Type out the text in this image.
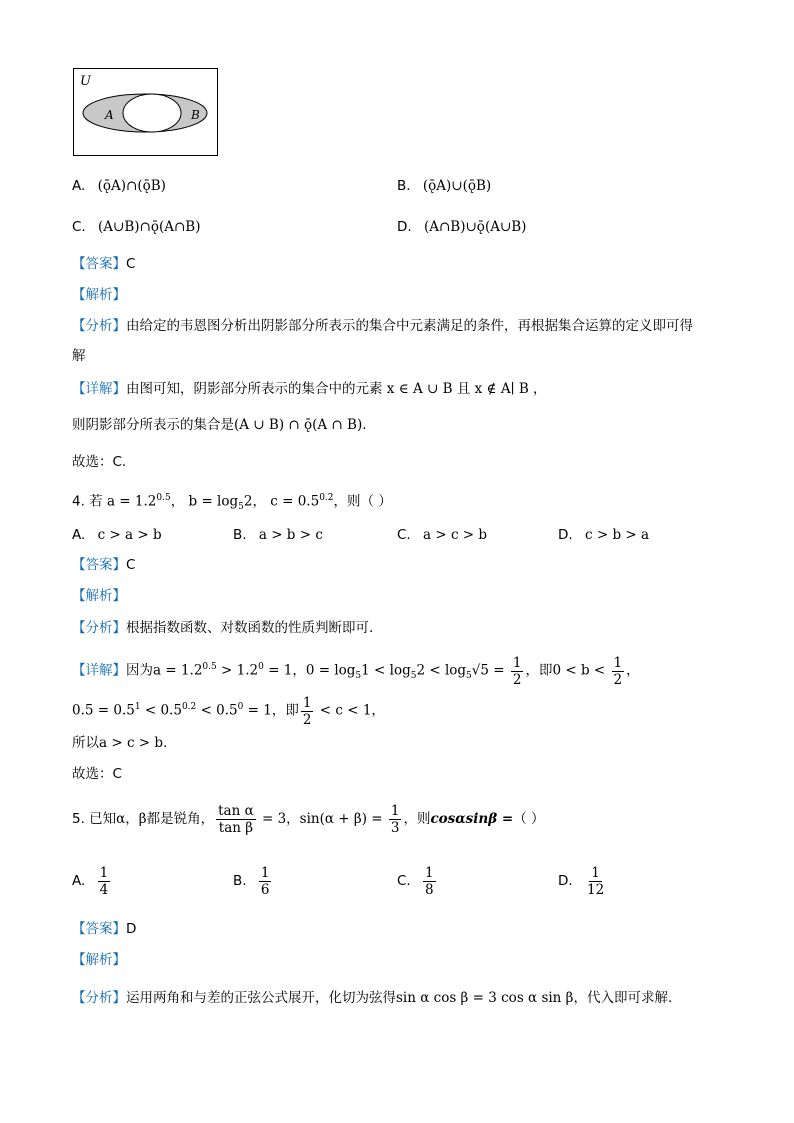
U
A	B
A. (ǭA)∩(ǭB)	B. (ǭA)∪(ǭB)
C. (A∪B)∩ǭ(A∩B)	D. (A∩B)∪ǭ(A∪B)
【答案】C
【解析】
【分析】由给定的韦恩图分析出阴影部分所表示的集合中元素满足的条件，再根据集合运算的定义即可得
解
【详解】由图可知，阴影部分所表示的集合中的元素 x ∈ A ∪ B 且 x ∉ A∣ B ，
则阴影部分所表示的集合是(A ∪ B) ∩ ǭ(A ∩ B).
故选：C.
4. 若 $a = 1.2^{0.5}$， $b = \log_52$， $c = 0.5^{0.2}$，则（ ）
A. c > a > b	B. a > b > c	C. a > c > b	D. c > b > a
【答案】C
【解析】
【分析】根据指数函数、对数函数的性质判断即可.
【详解】因为$a = 1.2^{0.5} > 1.2^0 = 1$，$0 = \log_51 < \log_52 < \log_5√5 = \frac{1}{2}$ ，即$0 < b < \frac{1}{2}$ ，
$0.5 = 0.5^1 < 0.5^{0.2} < 0.5^0 = 1$，即 $\frac{1}{2} < c < 1$，
所以a > c > b.
故选：C
5. 已知α，β都是锐角， $\frac{\text{tan α}}{\text{tan β}} = 3$，$\sin(\alpha + \beta) = \frac{1}{3}$ ，则cosαsinβ =（ ）
A. $\frac{1}{4}$	B. $\frac{1}{6}$	C. $\frac{1}{8}$	D. $\frac{1}{12}$
【答案】D
【解析】
【分析】运用两角和与差的正弦公式展开，化切为弦得sin α cos β = 3 cos α sin β，代入即可求解.
